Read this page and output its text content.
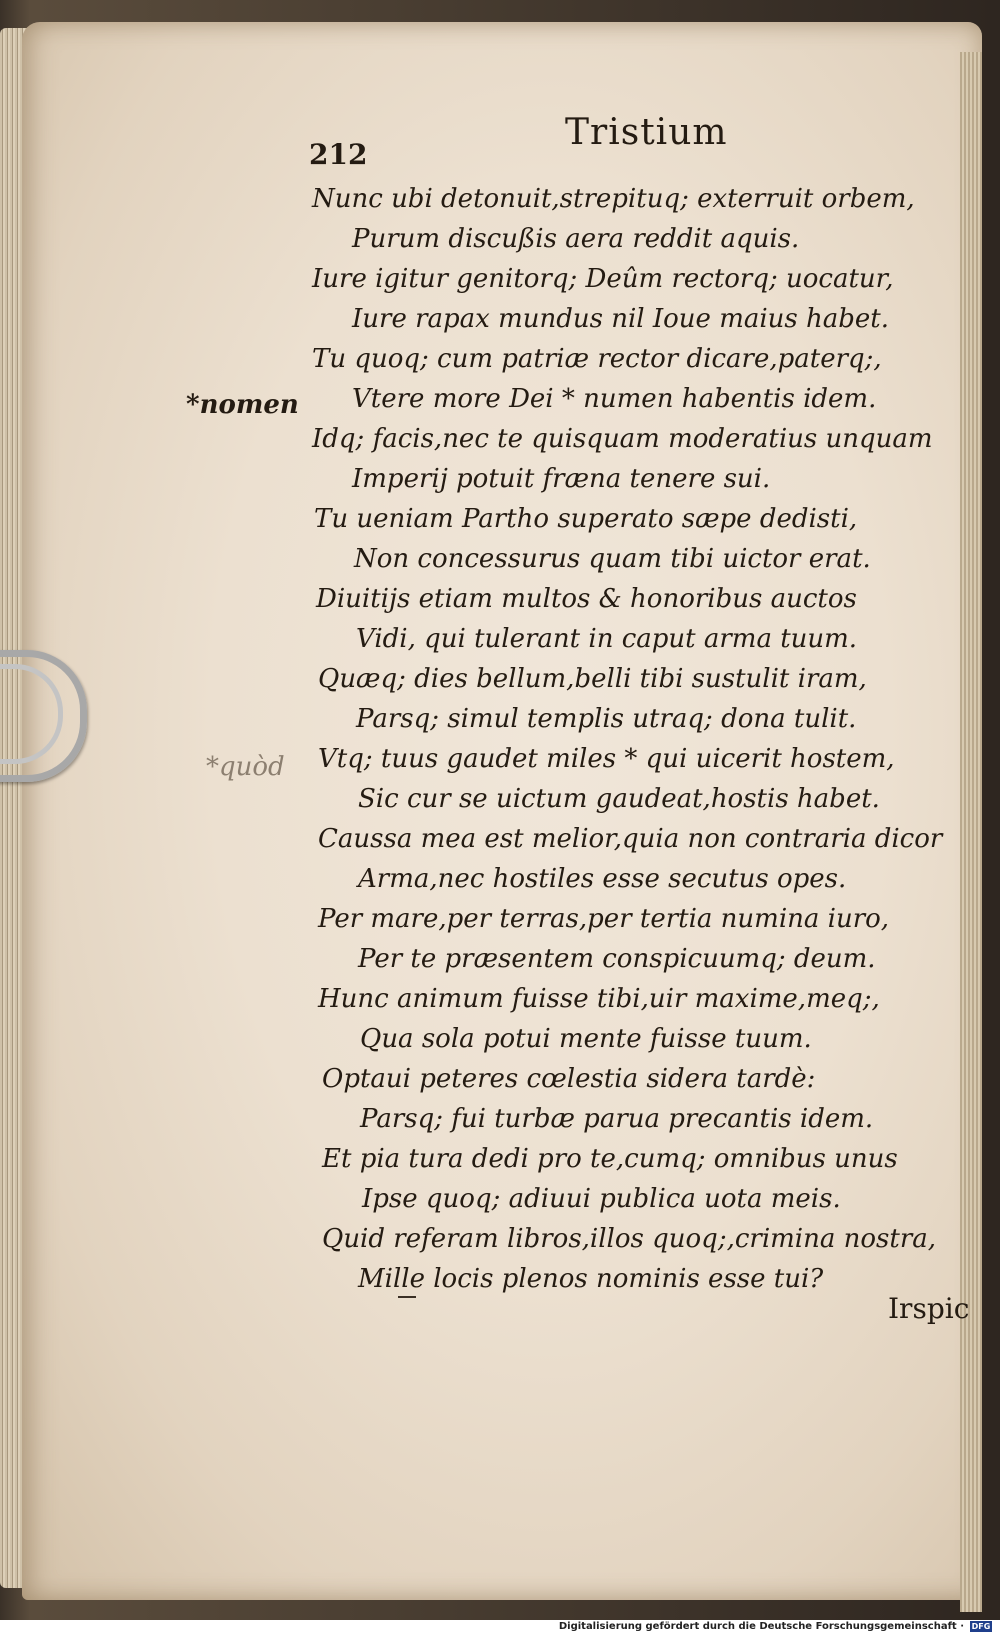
212
Tristium
Nunc ubi detonuit,strepituq; exterruit orbem,
Purum discußis aera reddit aquis.
Iure igitur genitorq; Deûm rectorq; uocatur,
Iure rapax mundus nil Ioue maius habet.
Tu quoq; cum patriæ rector dicare,paterq;,
Vtere more Dei * numen habentis idem.
Idq; facis,nec te quisquam moderatius unquam
Imperij potuit fræna tenere sui.
Tu ueniam Partho superato sæpe dedisti,
Non concessurus quam tibi uictor erat.
Diuitijs etiam multos & honoribus auctos
Vidi, qui tulerant in caput arma tuum.
Quæq; dies bellum,belli tibi sustulit iram,
Parsq; simul templis utraq; dona tulit.
Vtq; tuus gaudet miles * qui uicerit hostem,
Sic cur se uictum gaudeat,hostis habet.
Caussa mea est melior,quia non contraria dicor
Arma,nec hostiles esse secutus opes.
Per mare,per terras,per tertia numina iuro,
Per te præsentem conspicuumq; deum.
Hunc animum fuisse tibi,uir maxime,meq;,
Qua sola potui mente fuisse tuum.
Optaui peteres cœlestia sidera tardè:
Parsq; fui turbæ parua precantis idem.
Et pia tura dedi pro te,cumq; omnibus unus
Ipse quoq; adiuui publica uota meis.
Quid referam libros,illos quoq;,crimina nostra,
Mille locis plenos nominis esse tui?
*nomen
*quòd
Irspic
Digitalisierung gefördert durch die Deutsche Forschungsgemeinschaft · DFG
